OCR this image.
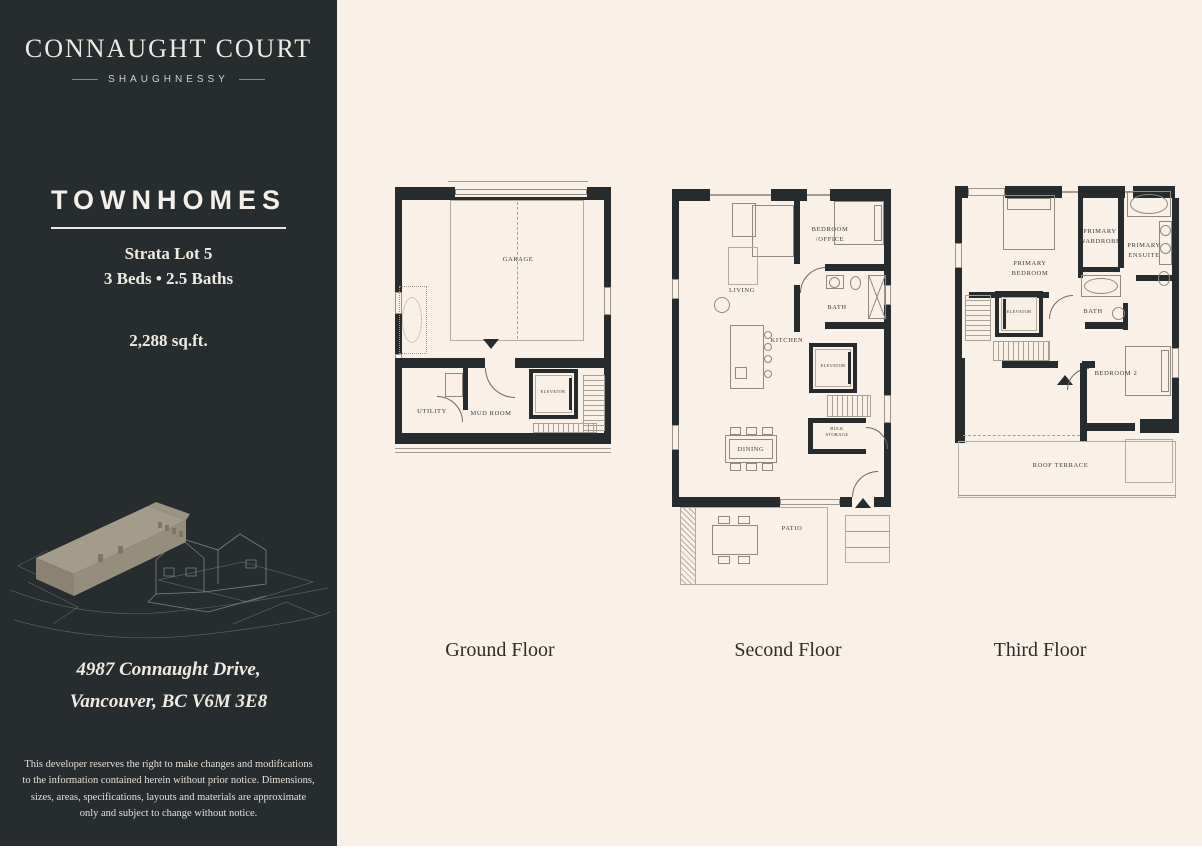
CONNAUGHT COURT
SHAUGHNESSY
TOWNHOMES
Strata Lot 5
3 Beds • 2.5 Baths
2,288 sq.ft.
4987 Connaught Drive,
Vancouver, BC V6M 3E8
This developer reserves the right to make changes and modifications to the information contained herein without prior notice. Dimensions, sizes, areas, specifications, layouts and materials are approximate only and subject to change without notice.
GARAGE
UTILITY	MUD ROOM
ELEVATOR
BEDROOM /OFFICE
LIVING
BATH
KITCHEN
ELEVATOR
BULK STORAGE
DINING
PATIO
PRIMARY BEDROOM
PRIMARY WARDROBE
PRIMARY ENSUITE
ELEVATOR	BATH
BEDROOM 2
ROOF TERRACE
Ground Floor	Second Floor	Third Floor
